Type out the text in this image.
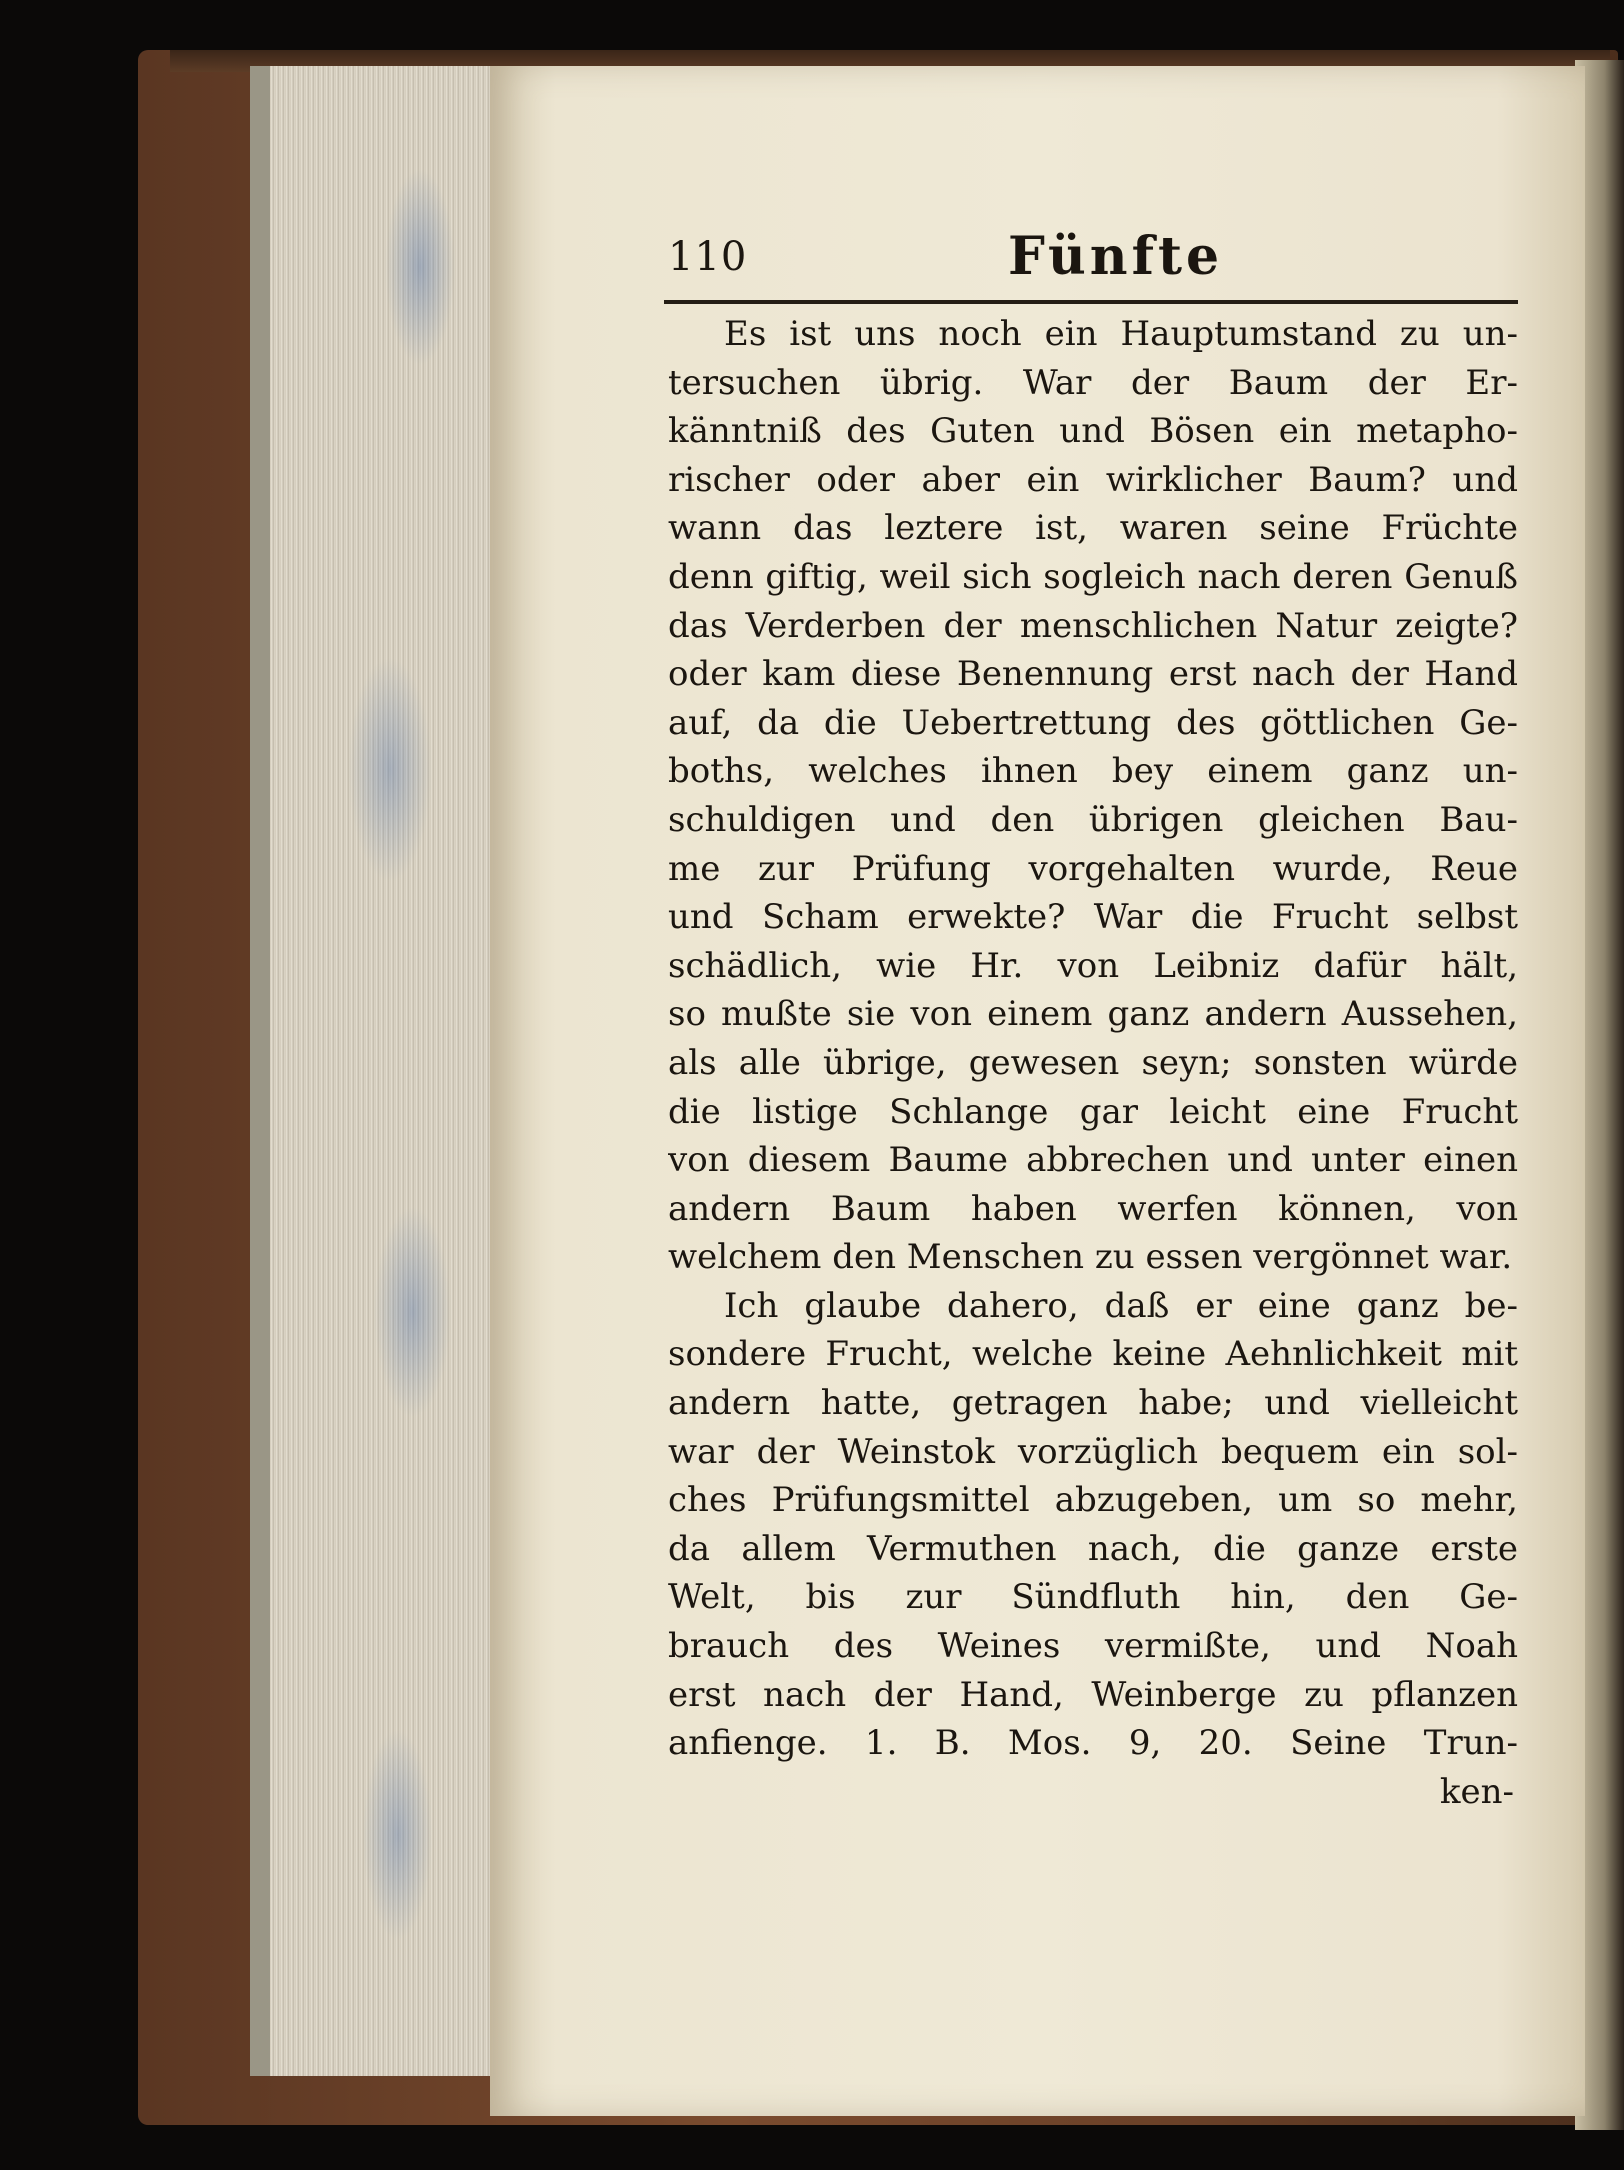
110	Fünfte
Es ist uns noch ein Hauptumstand zu un-
tersuchen übrig. War der Baum der Er-
känntniß des Guten und Bösen ein metapho-
rischer oder aber ein wirklicher Baum? und
wann das leztere ist, waren seine Früchte
denn giftig, weil sich sogleich nach deren Genuß
das Verderben der menschlichen Natur zeigte?
oder kam diese Benennung erst nach der Hand
auf, da die Uebertrettung des göttlichen Ge-
boths, welches ihnen bey einem ganz un-
schuldigen und den übrigen gleichen Bau-
me zur Prüfung vorgehalten wurde, Reue
und Scham erwekte? War die Frucht selbst
schädlich, wie Hr. von Leibniz dafür hält,
so mußte sie von einem ganz andern Aussehen,
als alle übrige, gewesen seyn; sonsten würde
die listige Schlange gar leicht eine Frucht
von diesem Baume abbrechen und unter einen
andern Baum haben werfen können, von
welchem den Menschen zu essen vergönnet war.
Ich glaube dahero, daß er eine ganz be-
sondere Frucht, welche keine Aehnlichkeit mit
andern hatte, getragen habe; und vielleicht
war der Weinstok vorzüglich bequem ein sol-
ches Prüfungsmittel abzugeben, um so mehr,
da allem Vermuthen nach, die ganze erste
Welt, bis zur Sündfluth hin, den Ge-
brauch des Weines vermißte, und Noah
erst nach der Hand, Weinberge zu pflanzen
anfienge. 1. B. Mos. 9, 20. Seine Trun-
ken-
